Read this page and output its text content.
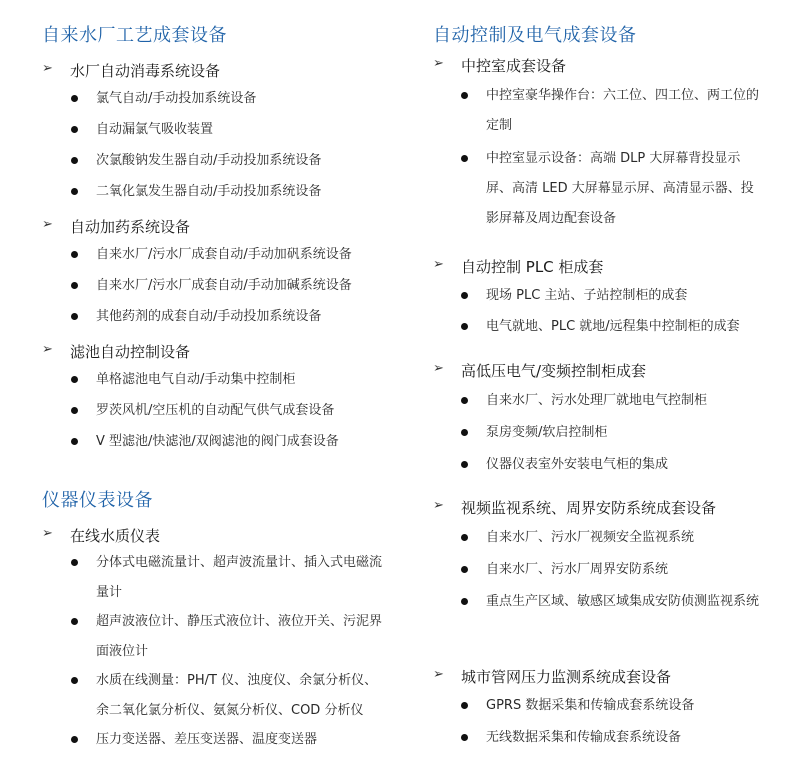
自来水厂工艺成套设备
➢ 水厂自动消毒系统设备
氯气自动/手动投加系统设备
自动漏氯气吸收装置
次氯酸钠发生器自动/手动投加系统设备
二氧化氯发生器自动/手动投加系统设备
➢ 自动加药系统设备
自来水厂/污水厂成套自动/手动加矾系统设备
自来水厂/污水厂成套自动/手动加碱系统设备
其他药剂的成套自动/手动投加系统设备
➢ 滤池自动控制设备
单格滤池电气自动/手动集中控制柜
罗茨风机/空压机的自动配气供气成套设备
V 型滤池/快滤池/双阀滤池的阀门成套设备
仪器仪表设备
➢ 在线水质仪表
分体式电磁流量计、超声波流量计、插入式电磁流量计
超声波液位计、静压式液位计、液位开关、污泥界面液位计
水质在线测量：PH/T 仪、浊度仪、余氯分析仪、余二氧化氯分析仪、氨氮分析仪、COD 分析仪
压力变送器、差压变送器、温度变送器
自动控制及电气成套设备
➢ 中控室成套设备
中控室豪华操作台：六工位、四工位、两工位的定制
中控室显示设备：高端 DLP 大屏幕背投显示屏、高清 LED 大屏幕显示屏、高清显示器、投影屏幕及周边配套设备
➢ 自动控制 PLC 柜成套
现场 PLC 主站、子站控制柜的成套
电气就地、PLC 就地/远程集中控制柜的成套
➢ 高低压电气/变频控制柜成套
自来水厂、污水处理厂就地电气控制柜
泵房变频/软启控制柜
仪器仪表室外安装电气柜的集成
➢ 视频监视系统、周界安防系统成套设备
自来水厂、污水厂视频安全监视系统
自来水厂、污水厂周界安防系统
重点生产区域、敏感区域集成安防侦测监视系统
➢ 城市管网压力监测系统成套设备
GPRS 数据采集和传输成套系统设备
无线数据采集和传输成套系统设备
